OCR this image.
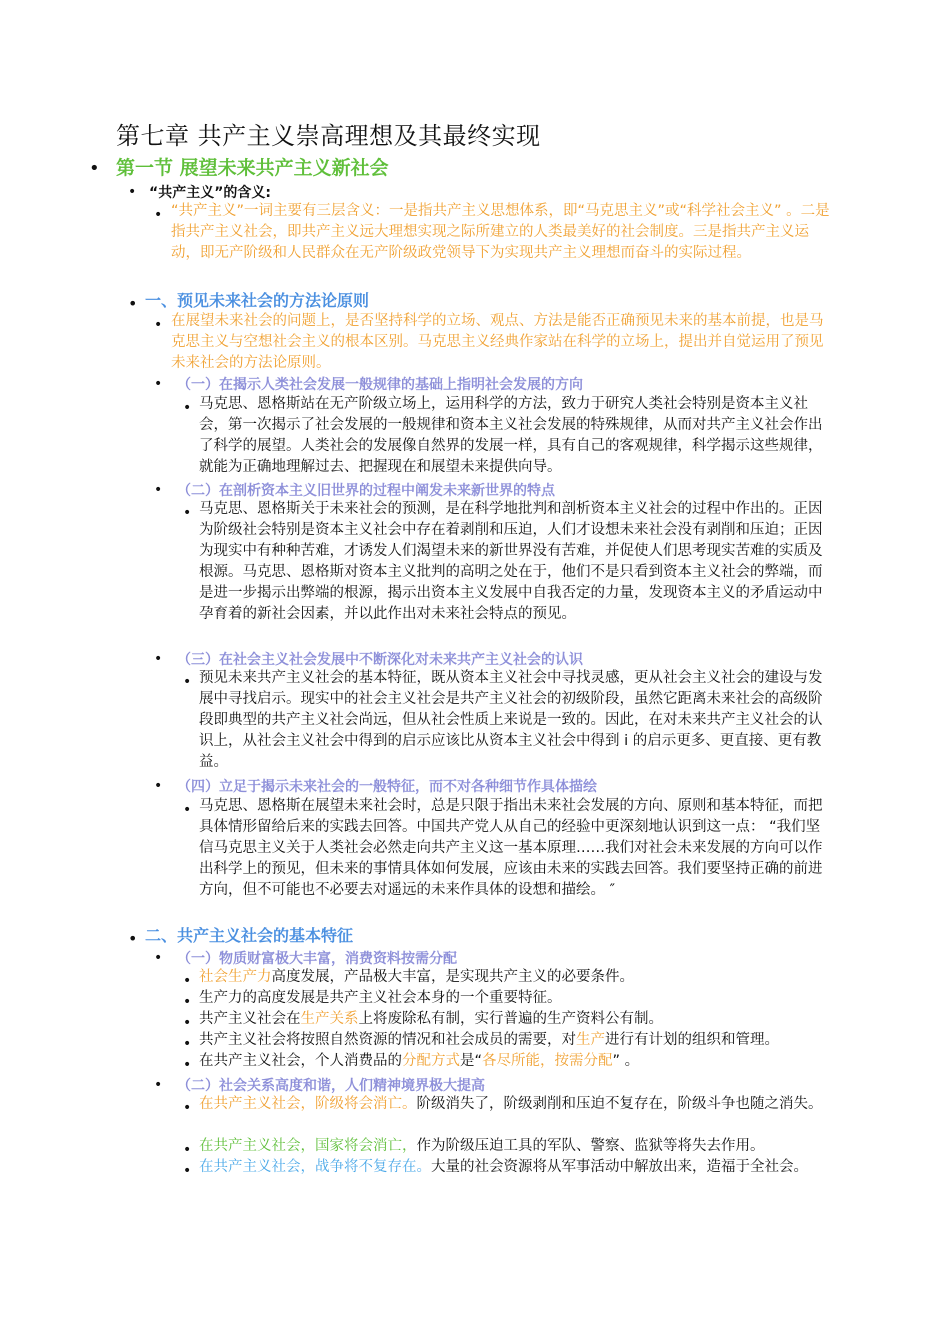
第七章 共产主义崇高理想及其最终实现
• 第一节 展望未来共产主义新社会
• “共产主义”的含义:
• “共产主义”一词主要有三层含义：一是指共产主义思想体系，即“马克思主义”或“科学社会主义” 。二是指共产主义社会，即共产主义远大理想实现之际所建立的人类最美好的社会制度。三是指共产主义运动，即无产阶级和人民群众在无产阶级政党领导下为实现共产主义理想而奋斗的实际过程。
• 一、预见未来社会的方法论原则
• 在展望未来社会的问题上，是否坚持科学的立场、观点、方法是能否正确预见未来的基本前提，也是马克思主义与空想社会主义的根本区别。马克思主义经典作家站在科学的立场上，提出并自觉运用了预见未来社会的方法论原则。
• （一）在揭示人类社会发展一般规律的基础上指明社会发展的方向
• 马克思、恩格斯站在无产阶级立场上，运用科学的方法，致力于研究人类社会特别是资本主义社会，第一次揭示了社会发展的一般规律和资本主义社会发展的特殊规律，从而对共产主义社会作出了科学的展望。人类社会的发展像自然界的发展一样，具有自己的客观规律，科学揭示这些规律，就能为正确地理解过去、把握现在和展望未来提供向导。
• （二）在剖析资本主义旧世界的过程中阐发未来新世界的特点
• 马克思、恩格斯关于未来社会的预测，是在科学地批判和剖析资本主义社会的过程中作出的。正因为阶级社会特别是资本主义社会中存在着剥削和压迫，人们才设想未来社会没有剥削和压迫；正因为现实中有种种苦难，才诱发人们渴望未来的新世界没有苦难，并促使人们思考现实苦难的实质及根源。马克思、恩格斯对资本主义批判的高明之处在于，他们不是只看到资本主义社会的弊端，而是进一步揭示出弊端的根源，揭示出资本主义发展中自我否定的力量，发现资本主义的矛盾运动中孕育着的新社会因素，并以此作出对未来社会特点的预见。
• （三）在社会主义社会发展中不断深化对未来共产主义社会的认识
• 预见未来共产主义社会的基本特征，既从资本主义社会中寻找灵感，更从社会主义社会的建设与发展中寻找启示。现实中的社会主义社会是共产主义社会的初级阶段，虽然它距离未来社会的高级阶段即典型的共产主义社会尚远，但从社会性质上来说是一致的。因此，在对未来共产主义社会的认识上，从社会主义社会中得到的启示应该比从资本主义社会中得到 i 的启示更多、更直接、更有教益。
• （四）立足于揭示未来社会的一般特征，而不对各种细节作具体描绘
• 马克思、恩格斯在展望未来社会时，总是只限于指出未来社会发展的方向、原则和基本特征，而把具体情形留给后来的实践去回答。中国共产党人从自己的经验中更深刻地认识到这一点： “我们坚信马克思主义关于人类社会必然走向共产主义这一基本原理……我们对社会未来发展的方向可以作出科学上的预见，但未来的事情具体如何发展，应该由未来的实践去回答。我们要坚持正确的前进方向，但不可能也不必要去对遥远的未来作具体的设想和描绘。 ″
• 二、共产主义社会的基本特征
• （一）物质财富极大丰富，消费资料按需分配
• 社会生产力高度发展，产品极大丰富，是实现共产主义的必要条件。
• 生产力的高度发展是共产主义社会本身的一个重要特征。
• 共产主义社会在生产关系上将废除私有制，实行普遍的生产资料公有制。
• 共产主义社会将按照自然资源的情况和社会成员的需要，对生产进行有计划的组织和管理。
• 在共产主义社会，个人消费品的分配方式是“各尽所能，按需分配” 。
• （二）社会关系高度和谐，人们精神境界极大提高
• 在共产主义社会，阶级将会消亡。阶级消失了，阶级剥削和压迫不复存在，阶级斗争也随之消失。
• 在共产主义社会，国家将会消亡，作为阶级压迫工具的军队、警察、监狱等将失去作用。
• 在共产主义社会，战争将不复存在。大量的社会资源将从军事活动中解放出来，造福于全社会。
